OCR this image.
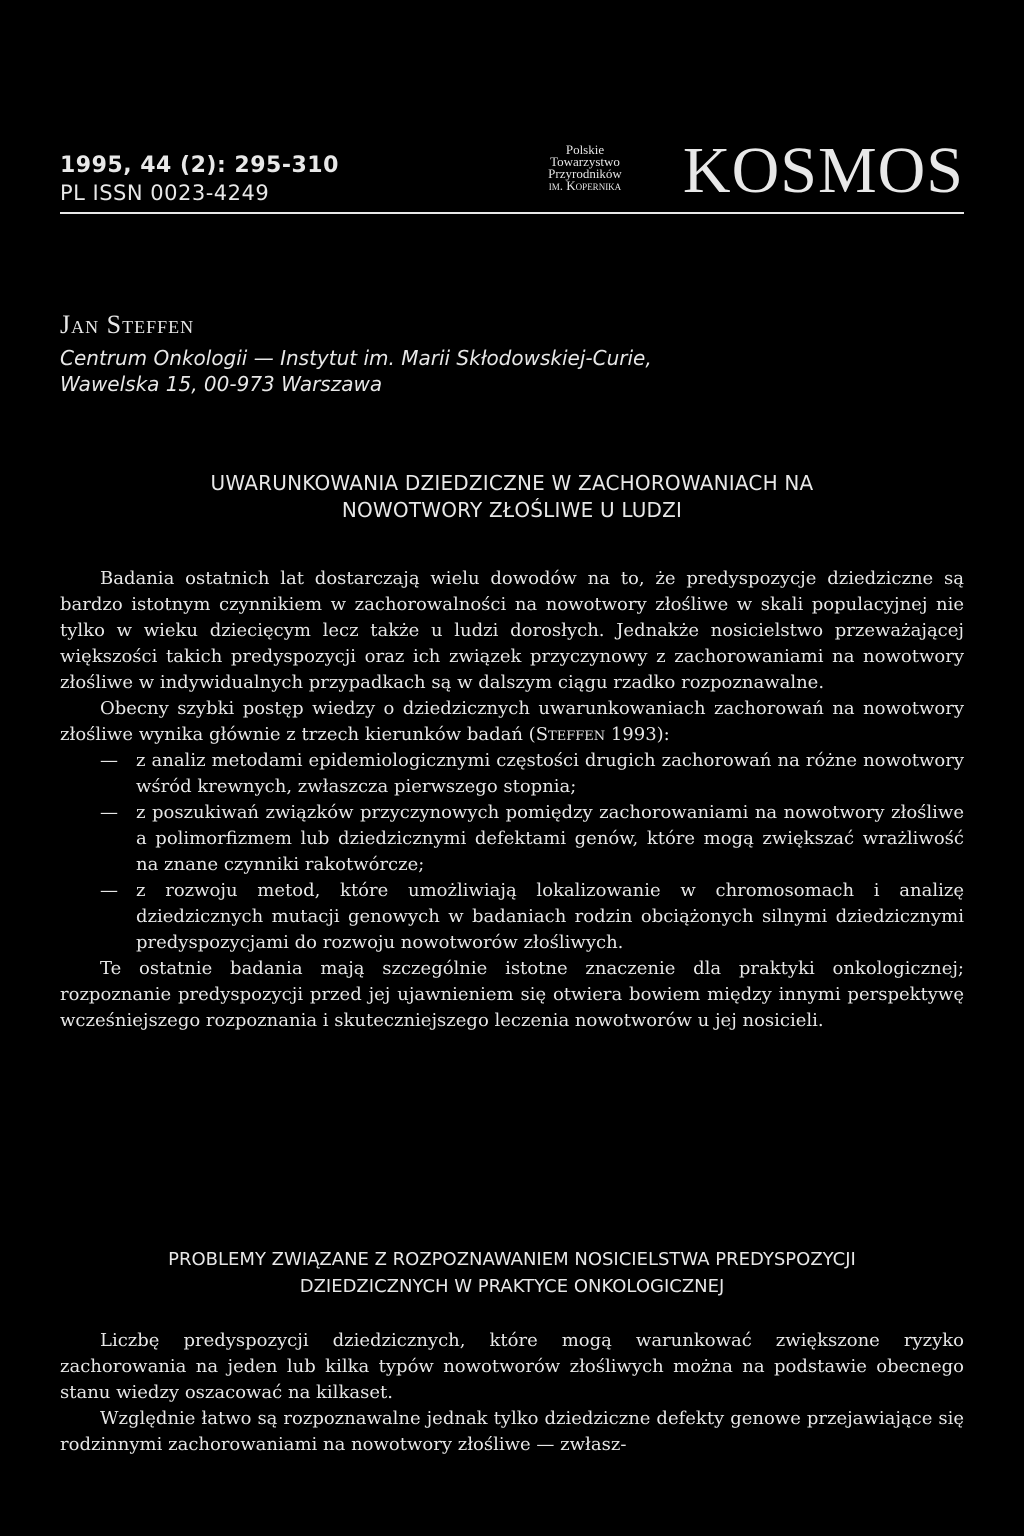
1995, 44 (2): 295-310
PL ISSN 0023-4249
Polskie
Towarzystwo
Przyrodników
im. Kopernika KOSMOS
Jan Steffen
Centrum Onkologii — Instytut im. Marii Skłodowskiej-Curie,
Wawelska 15, 00-973 Warszawa
UWARUNKOWANIA DZIEDZICZNE W ZACHOROWANIACH NA
NOWOTWORY ZŁOŚLIWE U LUDZI

Badania ostatnich lat dostarczają wielu dowodów na to, że predyspozycje dziedziczne są bardzo istotnym czynnikiem w zachorowalności na nowotwory złośliwe w skali populacyjnej nie tylko w wieku dziecięcym lecz także u ludzi dorosłych. Jednakże nosicielstwo przeważającej większości takich predyspozycji oraz ich związek przyczynowy z zachorowaniami na nowotwory złośliwe w indywidualnych przypadkach są w dalszym ciągu rzadko rozpoznawalne.

Obecny szybki postęp wiedzy o dziedzicznych uwarunkowaniach zachorowań na nowotwory złośliwe wynika głównie z trzech kierunków badań (Steffen 1993):

— z analiz metodami epidemiologicznymi częstości drugich zachorowań na różne nowotwory wśród krewnych, zwłaszcza pierwszego stopnia;
— z poszukiwań związków przyczynowych pomiędzy zachorowaniami na nowotwory złośliwe a polimorfizmem lub dziedzicznymi defektami genów, które mogą zwiększać wrażliwość na znane czynniki rakotwórcze;
— z rozwoju metod, które umożliwiają lokalizowanie w chromosomach i analizę dziedzicznych mutacji genowych w badaniach rodzin obciążonych silnymi dziedzicznymi predyspozycjami do rozwoju nowotworów złośliwych.

Te ostatnie badania mają szczególnie istotne znaczenie dla praktyki onkologicznej; rozpoznanie predyspozycji przed jej ujawnieniem się otwiera bowiem między innymi perspektywę wcześniejszego rozpoznania i skuteczniejszego leczenia nowotworów u jej nosicieli.

PROBLEMY ZWIĄZANE Z ROZPOZNAWANIEM NOSICIELSTWA PREDYSPOZYCJI
DZIEDZICZNYCH W PRAKTYCE ONKOLOGICZNEJ

Liczbę predyspozycji dziedzicznych, które mogą warunkować zwiększone ryzyko zachorowania na jeden lub kilka typów nowotworów złośliwych można na podstawie obecnego stanu wiedzy oszacować na kilkaset.

Względnie łatwo są rozpoznawalne jednak tylko dziedziczne defekty genowe przejawiające się rodzinnymi zachorowaniami na nowotwory złośliwe — zwłasz-
